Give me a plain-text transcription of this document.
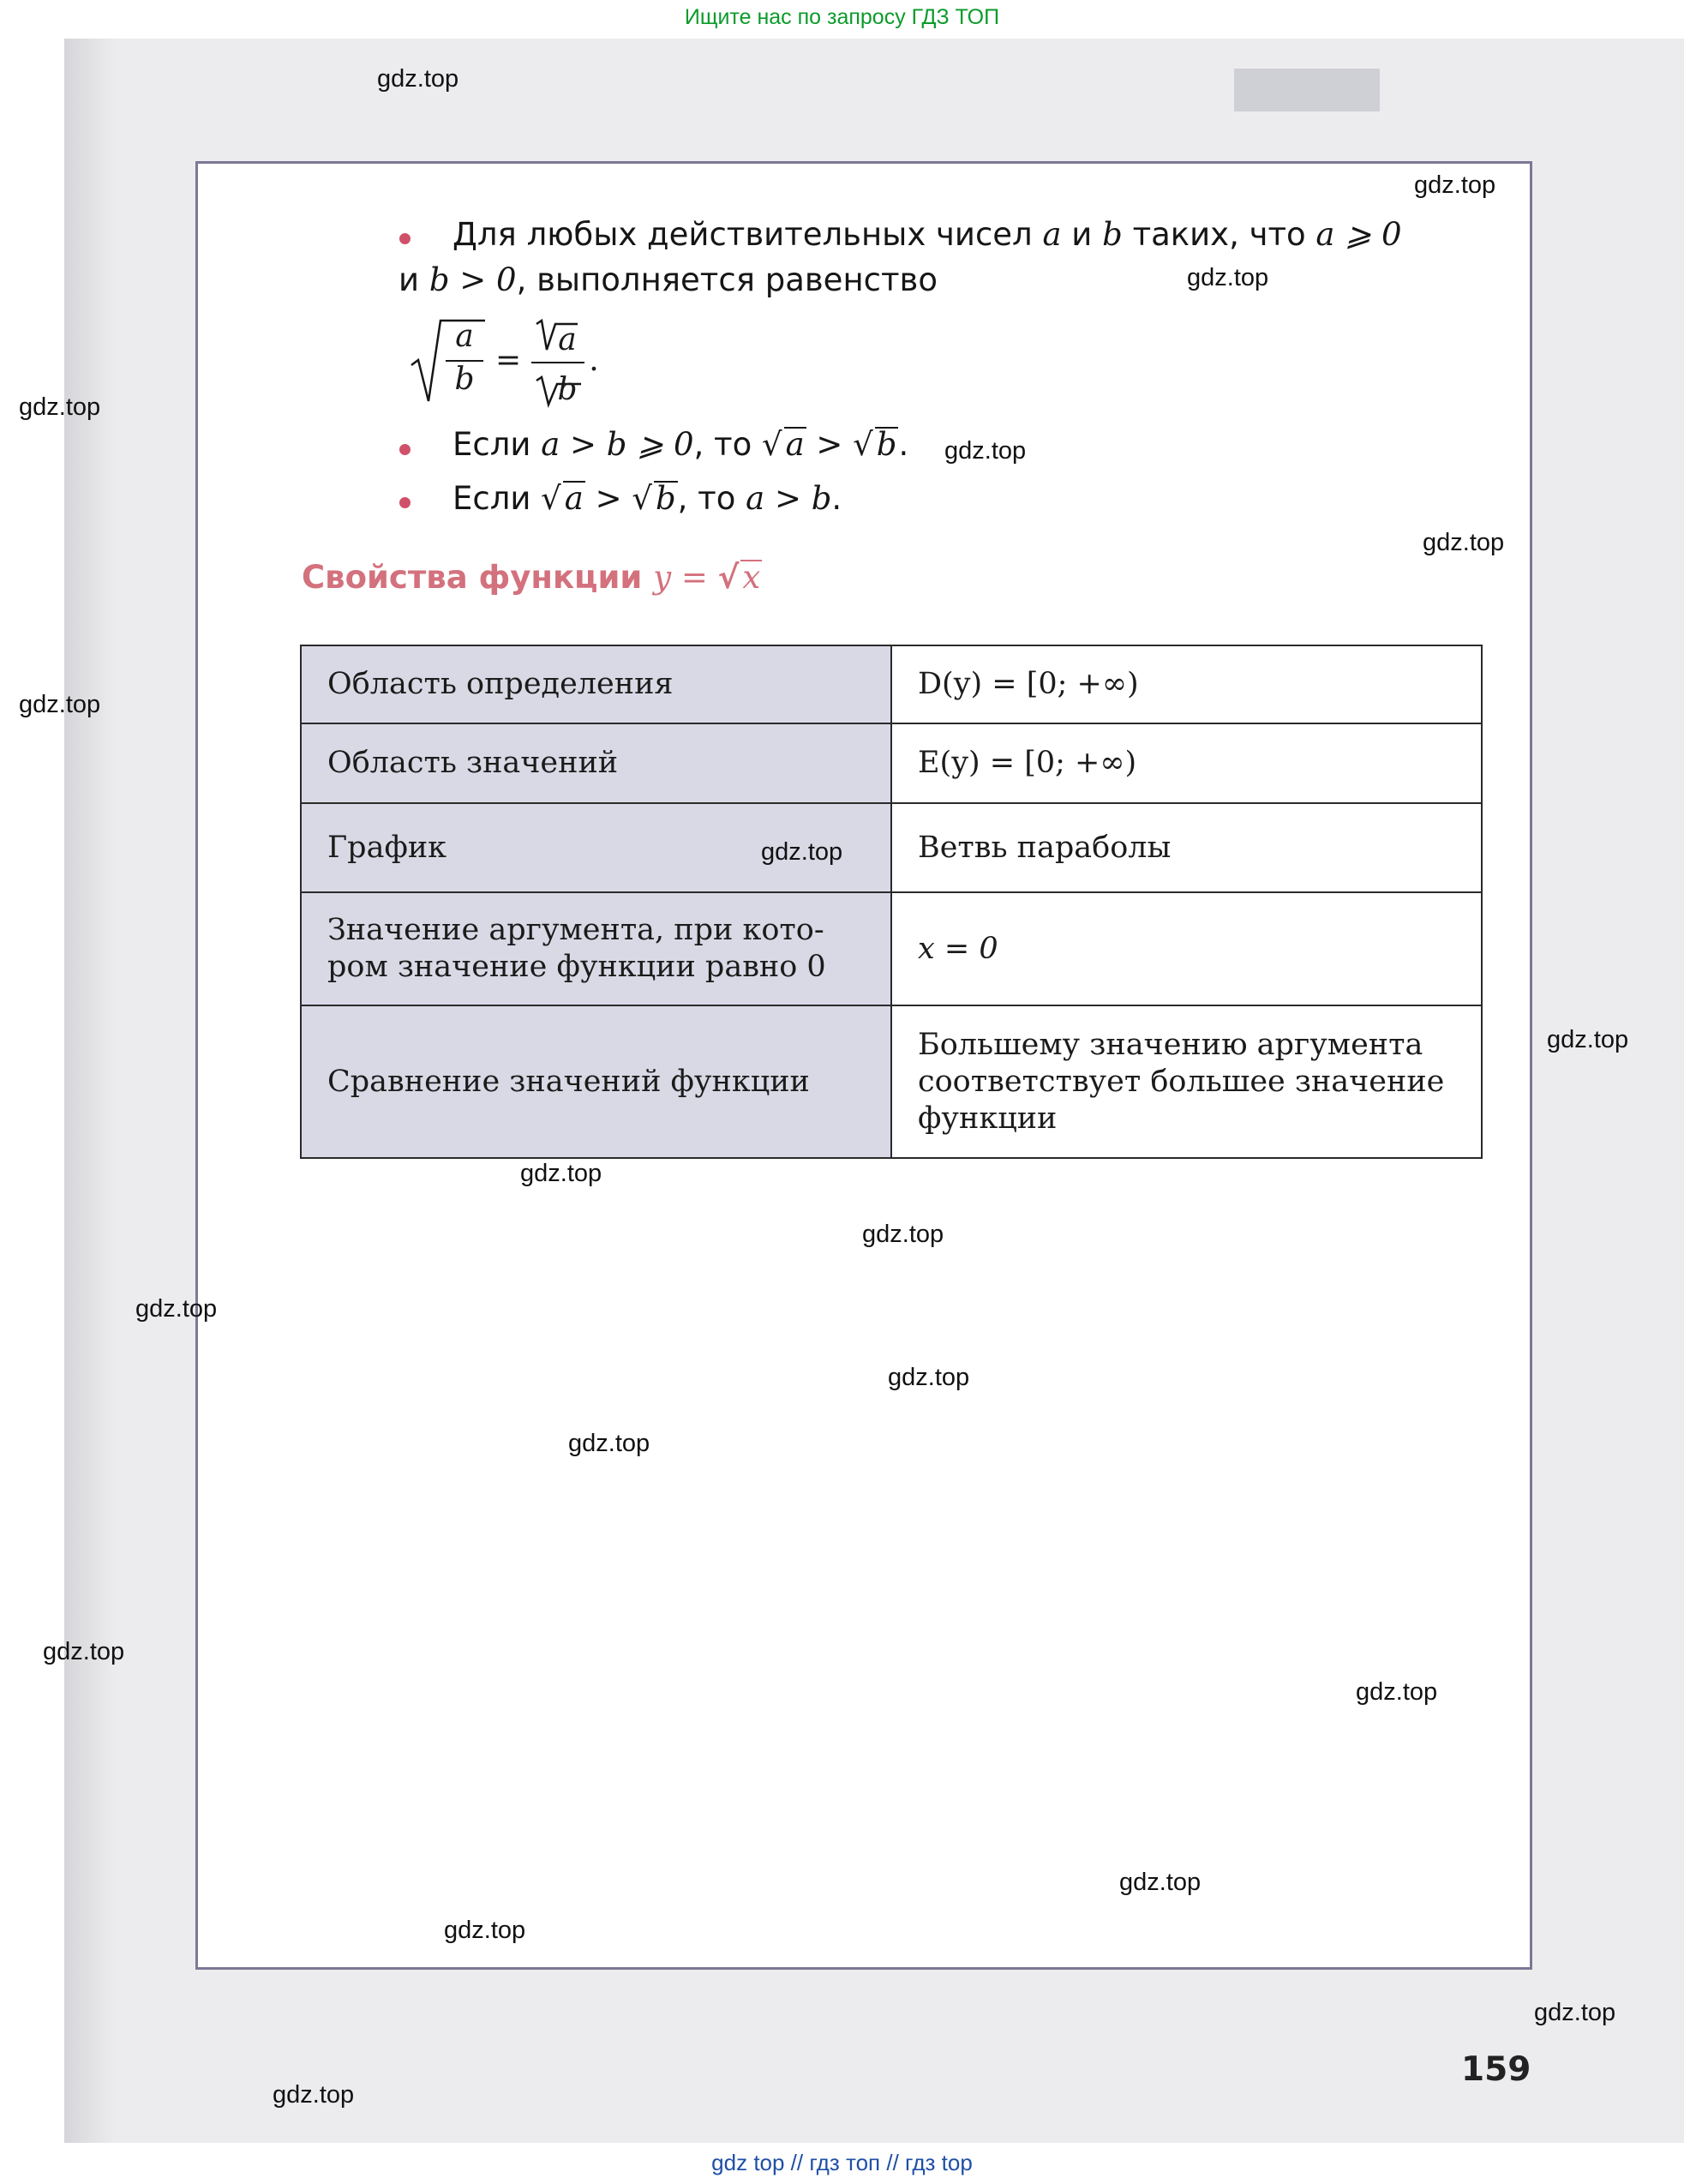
Ищите нас по запросу ГДЗ ТОП
Для любых действительных чисел a и b таких, что a ⩾ 0
и b > 0, выполняется равенство
a
b
=
a
b
.
Если a > b ⩾ 0, то √ a > √ b.
Если √ a > √ b, то a > b.
Свойства функции y = √ x
Область определения	D(y) = [0; +∞)
Область значений	E(y) = [0; +∞)
График	Ветвь параболы

Значение аргумента, при кото-
ром значение функции равно 0	x = 0
Сравнение значений функции	Большему значению аргумента
соответствует большее значение
функции
159
gdz.top
gdz.top
gdz.top
gdz.top
gdz.top
gdz.top
gdz.top
gdz.top
gdz.top
gdz.top
gdz.top
gdz.top
gdz.top
gdz.top
gdz.top
gdz.top
gdz.top
gdz.top
gdz.top
gdz.top
gdz top // гдз топ // гдз top
